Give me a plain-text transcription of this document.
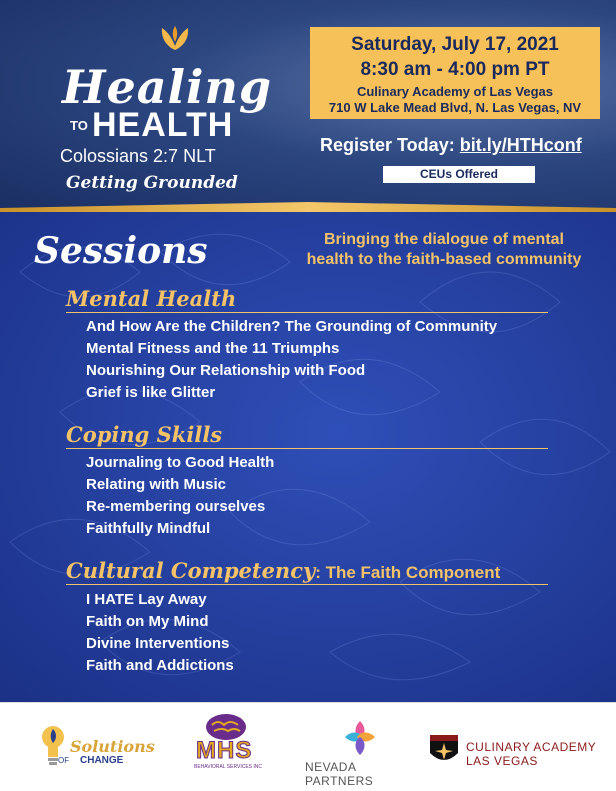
Healing
TO HEALTH
Colossians 2:7 NLT
Getting Grounded
Saturday, July 17, 2021
8:30 am - 4:00 pm PT
Culinary Academy of Las Vegas
710 W Lake Mead Blvd, N. Las Vegas, NV
Register Today: bit.ly/HTHconf
CEUs Offered
Sessions	Bringing the dialogue of mental
health to the faith-based community
Mental Health
And How Are the Children? The Grounding of Community
Mental Fitness and the 11 Triumphs
Nourishing Our Relationship with Food
Grief is like Glitter
Coping Skills
Journaling to Good Health
Relating with Music
Re-membering ourselves
Faithfully Mindful
Cultural Competency: The Faith Component
I HATE Lay Away
Faith on My Mind
Divine Interventions
Faith and Addictions
Solutions
OF CHANGE	MHS
BEHAVIORAL SERVICES INC	NEVADA PARTNERS
CULINARY ACADEMY
LAS VEGAS
